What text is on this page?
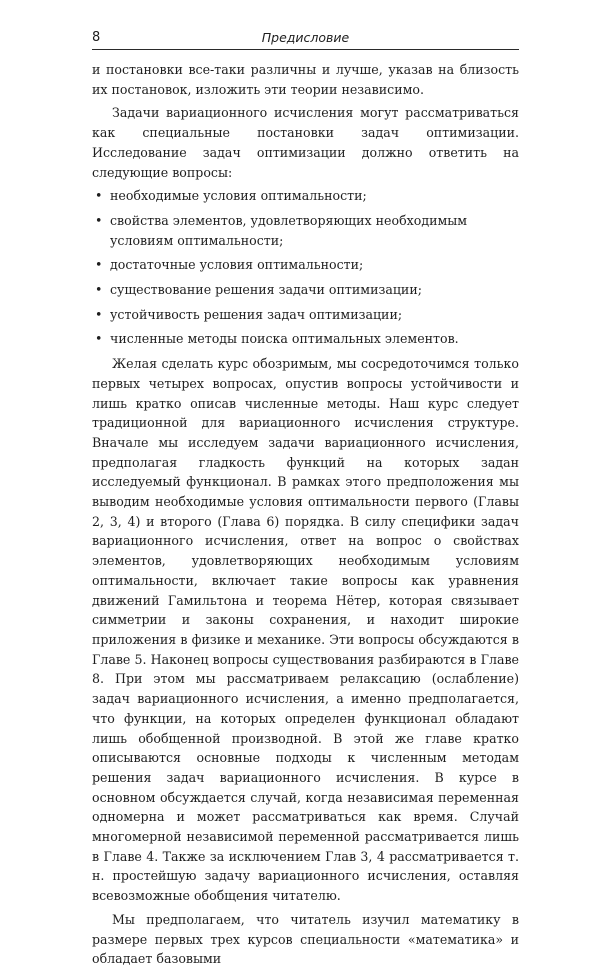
8	Предисловие

и постановки все-таки различны и лучше, указав на близость их постановок, изложить эти теории независимо.

Задачи вариационного исчисления могут рассматриваться как специальные постановки задач оптимизации. Исследование задач оптимизации должно ответить на следующие вопросы:

• необходимые условия оптимальности;
• свойства элементов, удовлетворяющих необходимым условиям оптимальности;
• достаточные условия оптимальности;
• существование решения задачи оптимизации;
• устойчивость решения задач оптимизации;
• численные методы поиска оптимальных элементов.

Желая сделать курс обозримым, мы сосредоточимся только первых четырех вопросах, опустив вопросы устойчивости и лишь кратко описав численные методы. Наш курс следует традиционной для вариационного исчисления структуре. Вначале мы исследуем задачи вариационного исчисления, предполагая гладкость функций на которых задан исследуемый функционал. В рамках этого предположения мы выводим необходимые условия оптимальности первого (Главы 2, 3, 4) и второго (Глава 6) порядка. В силу специфики задач вариационного исчисления, ответ на вопрос о свойствах элементов, удовлетворяющих необходимым условиям оптимальности, включает такие вопросы как уравнения движений Гамильтона и теорема Нётер, которая связывает симметрии и законы сохранения, и находит широкие приложения в физике и механике. Эти вопросы обсуждаются в Главе 5. Наконец вопросы существования разбираются в Главе 8. При этом мы рассматриваем релаксацию (ослабление) задач вариационного исчисления, а именно предполагается, что функции, на которых определен функционал обладают лишь обобщенной производной. В этой же главе кратко описываются основные подходы к численным методам решения задач вариационного исчисления. В курсе в основном обсуждается случай, когда независимая переменная одномерна и может рассматриваться как время. Случай многомерной независимой переменной рассматривается лишь в Главе 4. Также за исключением Глав 3, 4 рассматривается т. н. простейшую задачу вариационного исчисления, оставляя всевозможные обобщения читателю.

Мы предполагаем, что читатель изучил математику в размере первых трех курсов специальности «математика» и обладает базовыми
